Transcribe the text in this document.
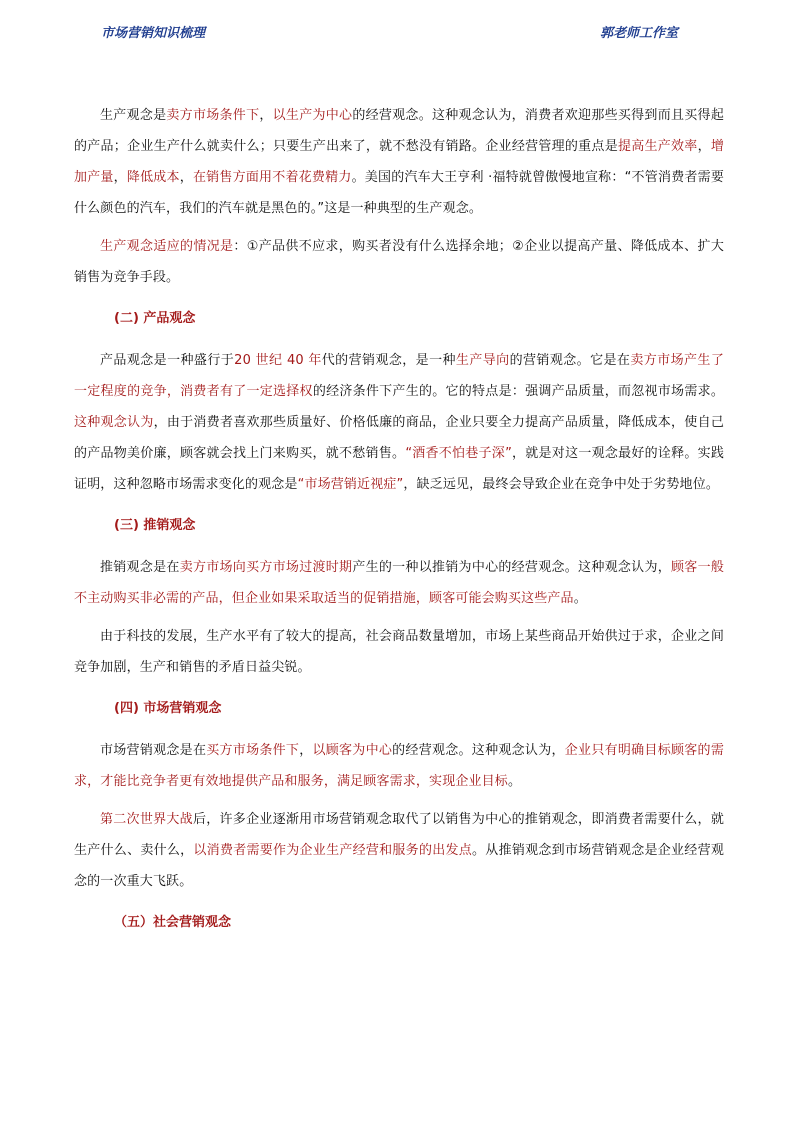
市场营销知识梳理	郭老师工作室

生产观念是卖方市场条件下，以生产为中心的经营观念。这种观念认为，消费者欢迎那些买得到而且买得起的产品；企业生产什么就卖什么；只要生产出来了，就不愁没有销路。企业经营管理的重点是提高生产效率，增加产量，降低成本，在销售方面用不着花费精力。美国的汽车大王亨利 ·福特就曾傲慢地宣称：“不管消费者需要什么颜色的汽车，我们的汽车就是黑色的。”这是一种典型的生产观念。

生产观念适应的情况是：①产品供不应求，购买者没有什么选择余地；②企业以提高产量、降低成本、扩大销售为竞争手段。

(二) 产品观念

产品观念是一种盛行于20 世纪 40 年代的营销观念，是一种生产导向的营销观念。它是在卖方市场产生了一定程度的竞争，消费者有了一定选择权的经济条件下产生的。它的特点是：强调产品质量，而忽视市场需求。这种观念认为，由于消费者喜欢那些质量好、价格低廉的商品，企业只要全力提高产品质量，降低成本，使自己的产品物美价廉，顾客就会找上门来购买，就不愁销售。“酒香不怕巷子深”，就是对这一观念最好的诠释。实践证明，这种忽略市场需求变化的观念是“市场营销近视症”，缺乏远见，最终会导致企业在竞争中处于劣势地位。

(三) 推销观念

推销观念是在卖方市场向买方市场过渡时期产生的一种以推销为中心的经营观念。这种观念认为，顾客一般不主动购买非必需的产品，但企业如果采取适当的促销措施，顾客可能会购买这些产品。

由于科技的发展，生产水平有了较大的提高，社会商品数量增加，市场上某些商品开始供过于求，企业之间竞争加剧，生产和销售的矛盾日益尖锐。

(四) 市场营销观念

市场营销观念是在买方市场条件下，以顾客为中心的经营观念。这种观念认为，企业只有明确目标顾客的需求，才能比竞争者更有效地提供产品和服务，满足顾客需求，实现企业目标。

第二次世界大战后，许多企业逐渐用市场营销观念取代了以销售为中心的推销观念，即消费者需要什么，就生产什么、卖什么，以消费者需要作为企业生产经营和服务的出发点。从推销观念到市场营销观念是企业经营观念的一次重大飞跃。

（五）社会营销观念
